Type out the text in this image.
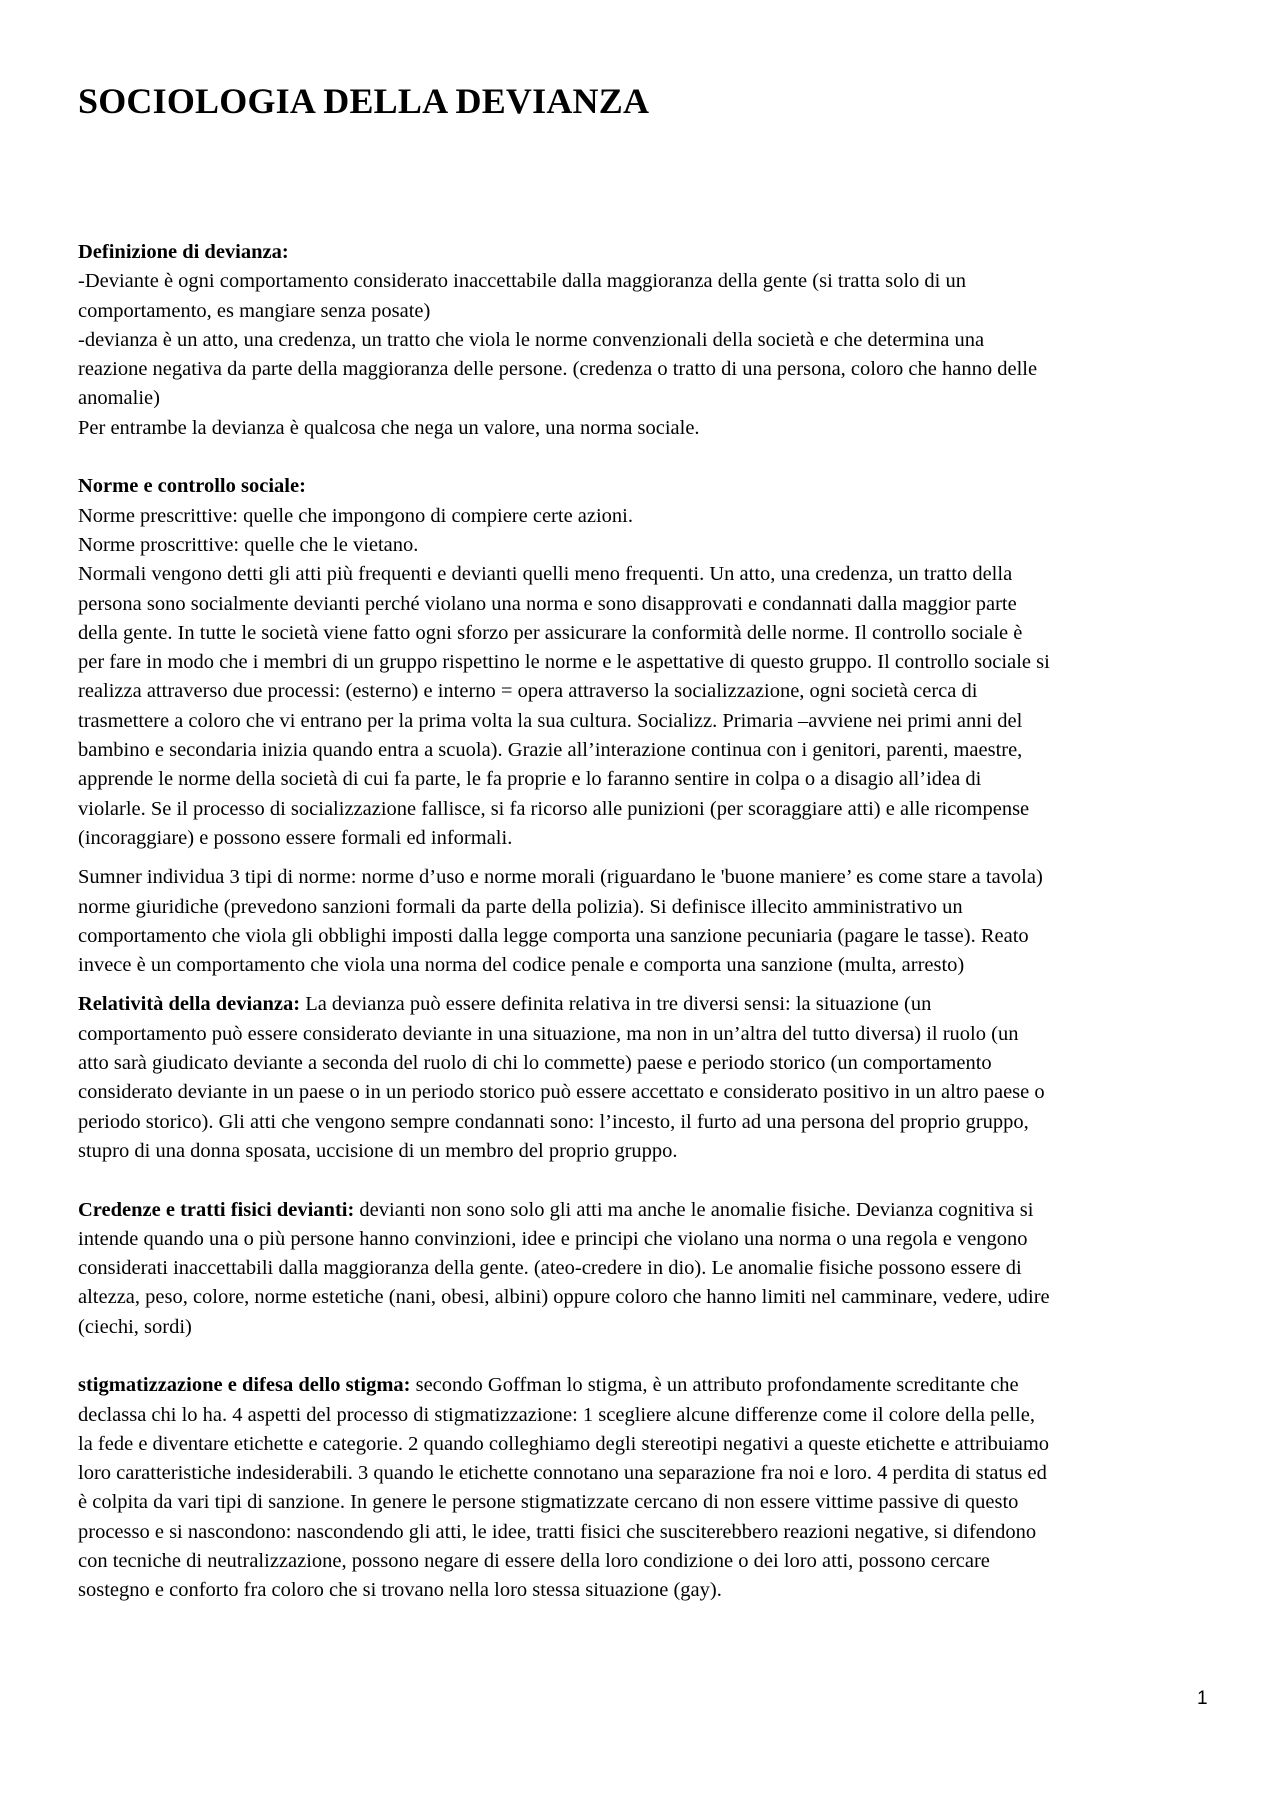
SOCIOLOGIA DELLA DEVIANZA
Definizione di devianza:
-Deviante è ogni comportamento considerato inaccettabile dalla maggioranza della gente (si tratta solo di un
comportamento, es mangiare senza posate)
-devianza è un atto, una credenza, un tratto che viola le norme convenzionali della società e che determina una
reazione negativa da parte della maggioranza delle persone. (credenza o tratto di una persona, coloro che hanno delle
anomalie)
Per entrambe la devianza è qualcosa che nega un valore, una norma sociale.
Norme e controllo sociale:
Norme prescrittive: quelle che impongono di compiere certe azioni.
Norme proscrittive: quelle che le vietano.
Normali vengono detti gli atti più frequenti e devianti quelli meno frequenti. Un atto, una credenza, un tratto della
persona sono socialmente devianti perché violano una norma e sono disapprovati e condannati dalla maggior parte
della gente. In tutte le società viene fatto ogni sforzo per assicurare la conformità delle norme. Il controllo sociale è
per fare in modo che i membri di un gruppo rispettino le norme e le aspettative di questo gruppo. Il controllo sociale si
realizza attraverso due processi: (esterno) e interno = opera attraverso la socializzazione, ogni società cerca di
trasmettere a coloro che vi entrano per la prima volta la sua cultura. Socializz. Primaria –avviene nei primi anni del
bambino e secondaria inizia quando entra a scuola). Grazie all’interazione continua con i genitori, parenti, maestre,
apprende le norme della società di cui fa parte, le fa proprie e lo faranno sentire in colpa o a disagio all’idea di
violarle. Se il processo di socializzazione fallisce, si fa ricorso alle punizioni (per scoraggiare atti) e alle ricompense
(incoraggiare) e possono essere formali ed informali.
Sumner individua 3 tipi di norme: norme d’uso e norme morali (riguardano le 'buone maniere’ es come stare a tavola)
norme giuridiche (prevedono sanzioni formali da parte della polizia). Si definisce illecito amministrativo un
comportamento che viola gli obblighi imposti dalla legge comporta una sanzione pecuniaria (pagare le tasse). Reato
invece è un comportamento che viola una norma del codice penale e comporta una sanzione (multa, arresto)
Relatività della devianza: La devianza può essere definita relativa in tre diversi sensi: la situazione (un
comportamento può essere considerato deviante in una situazione, ma non in un’altra del tutto diversa) il ruolo (un
atto sarà giudicato deviante a seconda del ruolo di chi lo commette) paese e periodo storico (un comportamento
considerato deviante in un paese o in un periodo storico può essere accettato e considerato positivo in un altro paese o
periodo storico). Gli atti che vengono sempre condannati sono: l’incesto, il furto ad una persona del proprio gruppo,
stupro di una donna sposata, uccisione di un membro del proprio gruppo.
Credenze e tratti fisici devianti: devianti non sono solo gli atti ma anche le anomalie fisiche. Devianza cognitiva si
intende quando una o più persone hanno convinzioni, idee e principi che violano una norma o una regola e vengono
considerati inaccettabili dalla maggioranza della gente. (ateo-credere in dio). Le anomalie fisiche possono essere di
altezza, peso, colore, norme estetiche (nani, obesi, albini) oppure coloro che hanno limiti nel camminare, vedere, udire
(ciechi, sordi)
stigmatizzazione e difesa dello stigma: secondo Goffman lo stigma, è un attributo profondamente screditante che
declassa chi lo ha. 4 aspetti del processo di stigmatizzazione: 1 scegliere alcune differenze come il colore della pelle,
la fede e diventare etichette e categorie. 2 quando colleghiamo degli stereotipi negativi a queste etichette e attribuiamo
loro caratteristiche indesiderabili. 3 quando le etichette connotano una separazione fra noi e loro. 4 perdita di status ed
è colpita da vari tipi di sanzione. In genere le persone stigmatizzate cercano di non essere vittime passive di questo
processo e si nascondono: nascondendo gli atti, le idee, tratti fisici che susciterebbero reazioni negative, si difendono
con tecniche di neutralizzazione, possono negare di essere della loro condizione o dei loro atti, possono cercare
sostegno e conforto fra coloro che si trovano nella loro stessa situazione (gay).
1
